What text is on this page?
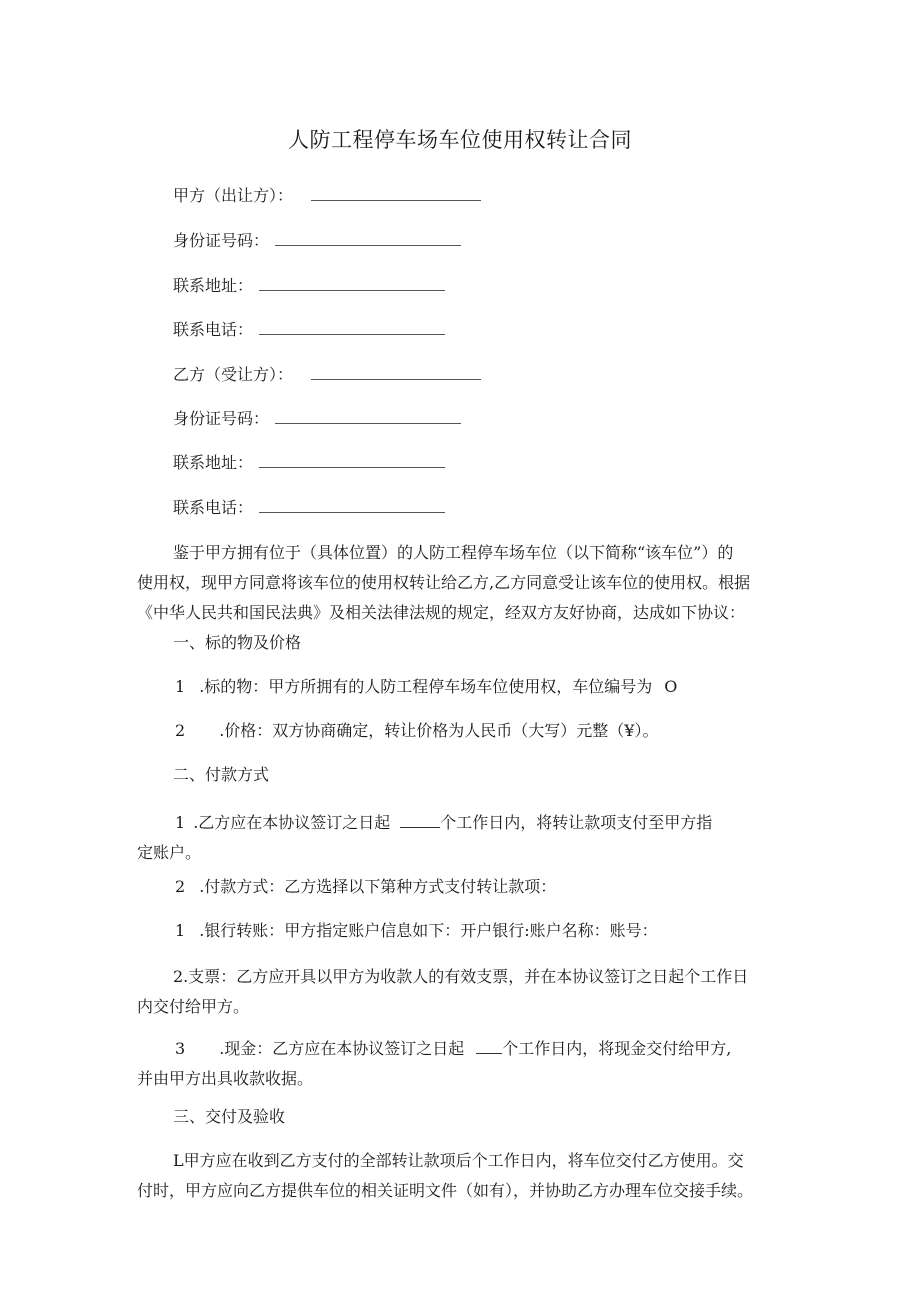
人防工程停车场车位使用权转让合同
甲方（出让方）：
身份证号码：
联系地址：
联系电话：
乙方（受让方）：
身份证号码：
联系地址：
联系电话：
鉴于甲方拥有位于（具体位置）的人防工程停车场车位（以下简称“该车位”）的
使用权，现甲方同意将该车位的使用权转让给乙方,乙方同意受让该车位的使用权。根据
《中华人民共和国民法典》及相关法律法规的规定，经双方友好协商，达成如下协议：
一、标的物及价格
1 .标的物：甲方所拥有的人防工程停车场车位使用权，车位编号为 O
2 .价格：双方协商确定，转让价格为人民币（大写）元整（¥）。
二、付款方式
1 .乙方应在本协议签订之日起	个工作日内，将转让款项支付至甲方指
定账户。
2 .付款方式：乙方选择以下第种方式支付转让款项：
1 .银行转账：甲方指定账户信息如下：开户银行:账户名称：账号：
2.支票：乙方应开具以甲方为收款人的有效支票，并在本协议签订之日起个工作日
内交付给甲方。
3 .现金：乙方应在本协议签订之日起 个工作日内，将现金交付给甲方,
并由甲方出具收款收据。
三、交付及验收
L甲方应在收到乙方支付的全部转让款项后个工作日内，将车位交付乙方使用。交
付时，甲方应向乙方提供车位的相关证明文件（如有），并协助乙方办理车位交接手续。
